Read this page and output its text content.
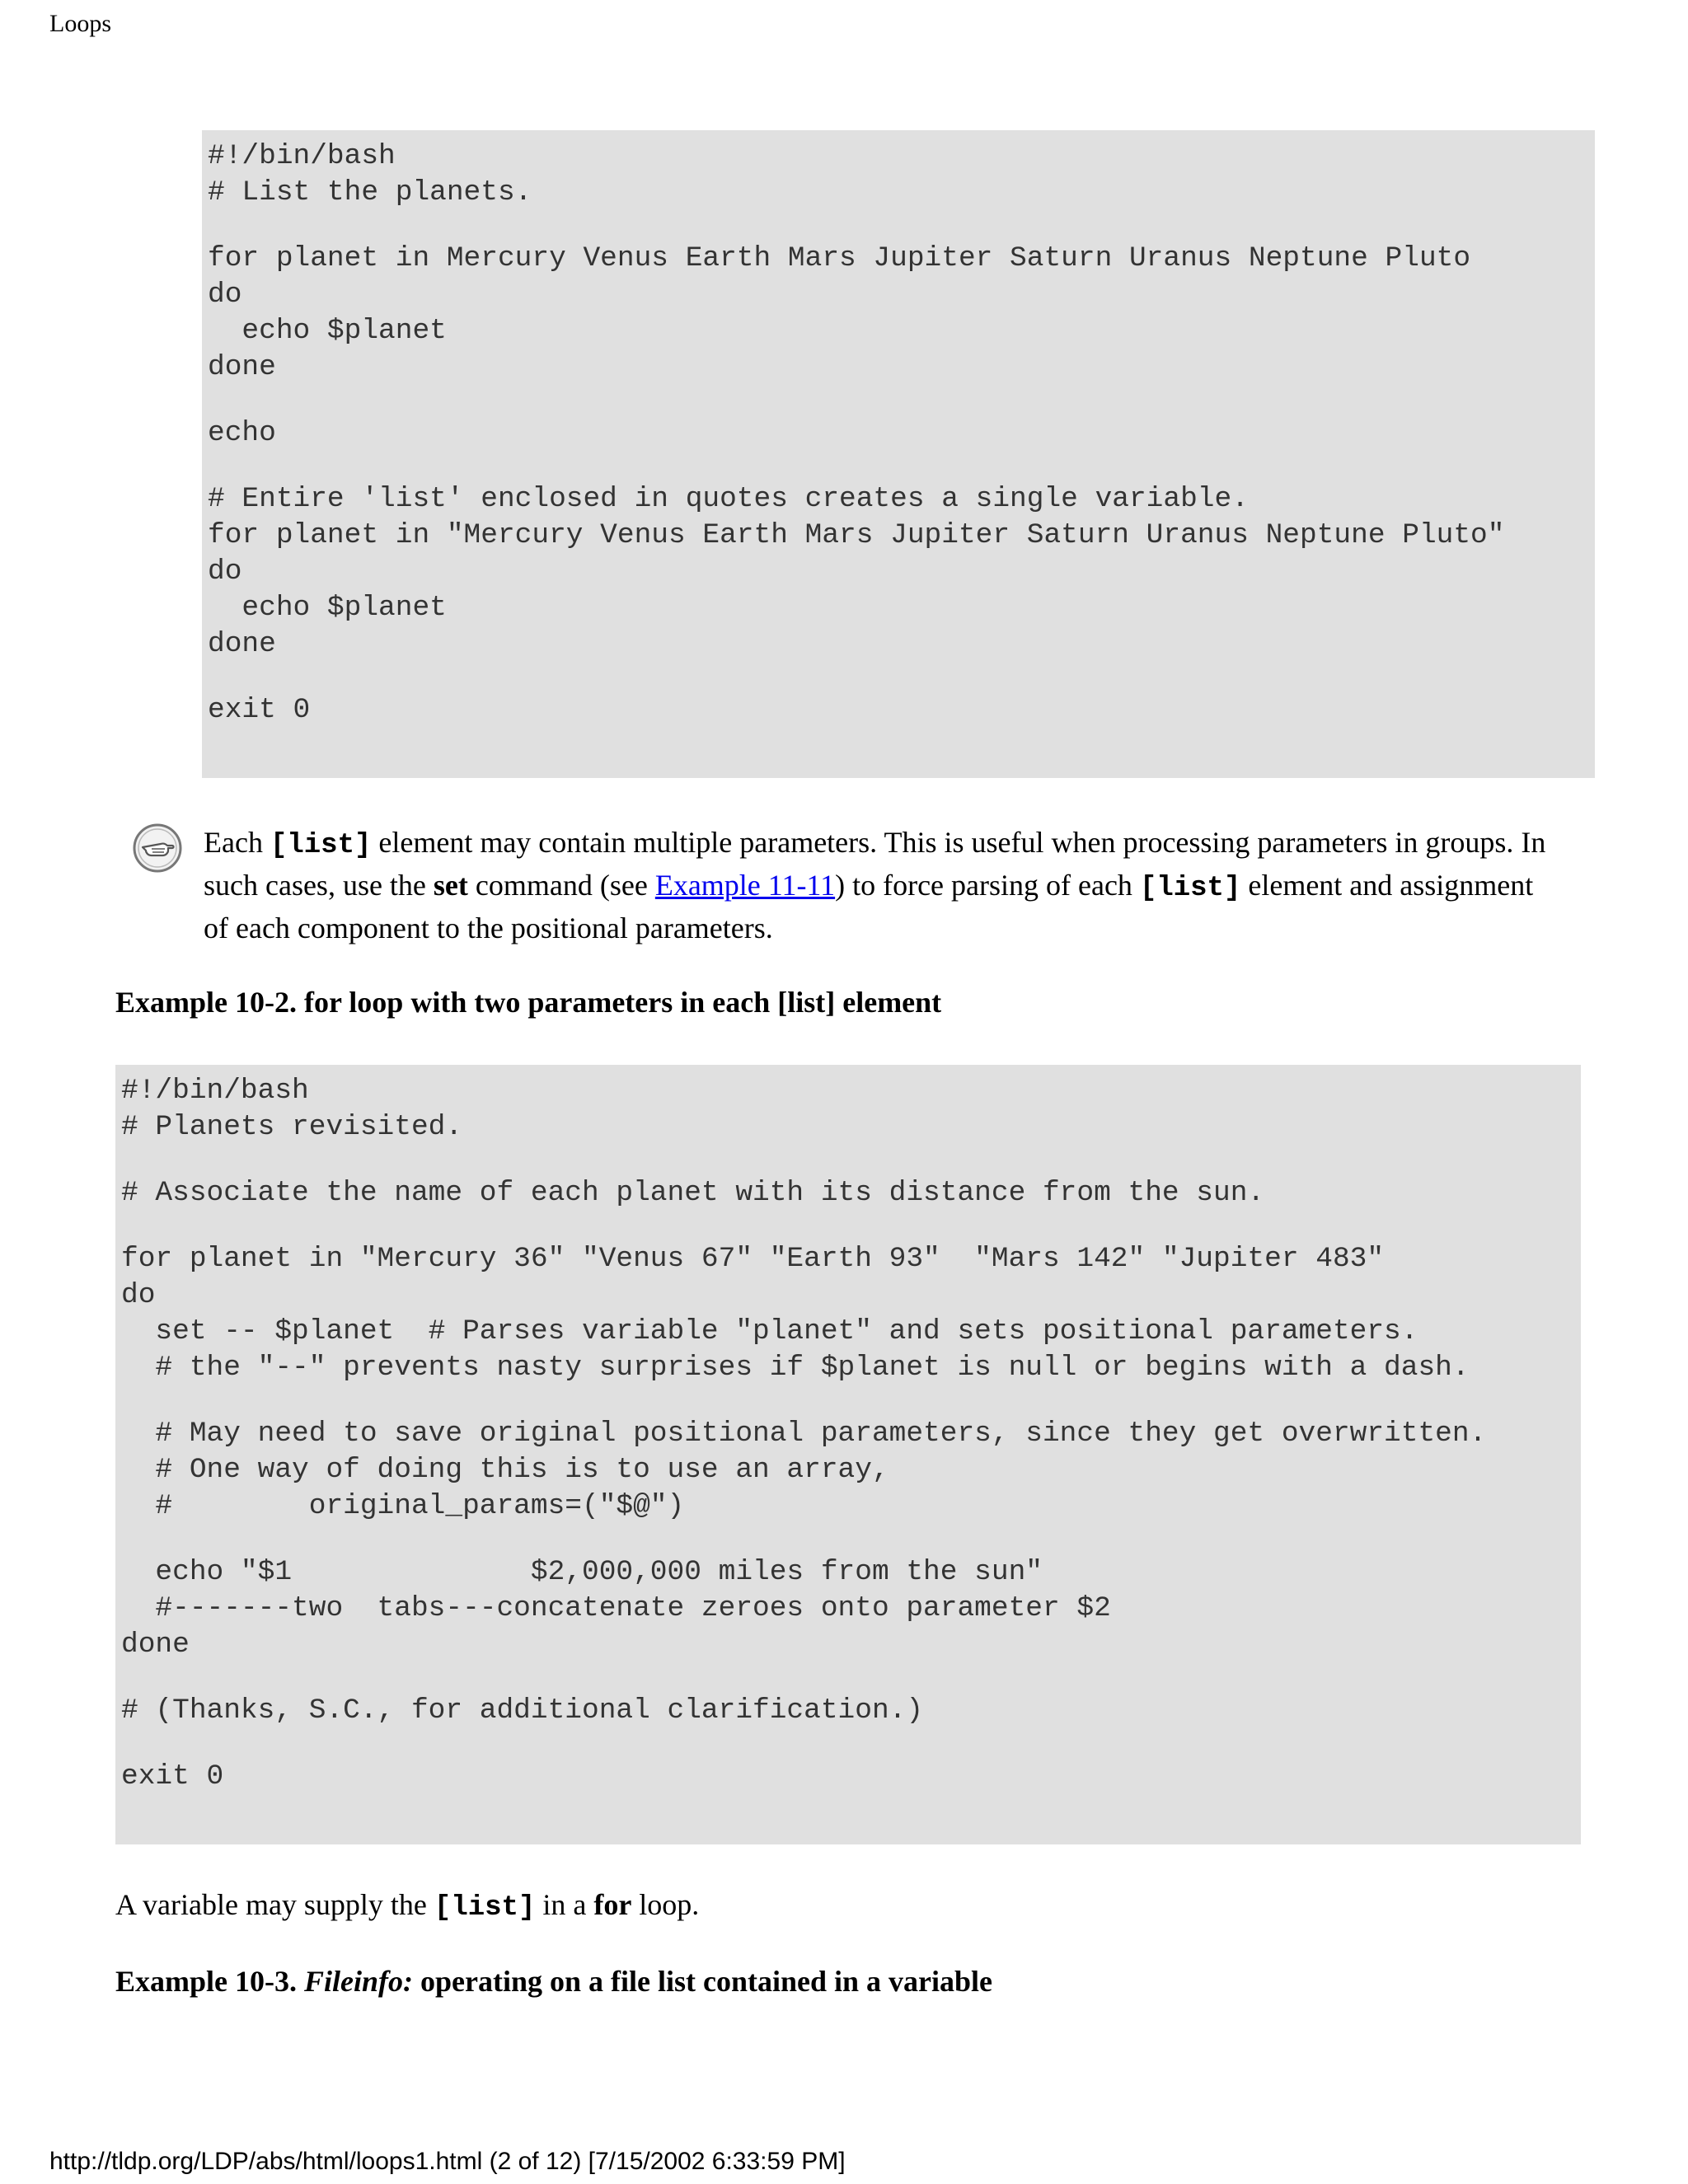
Loops
#!/bin/bash
# List the planets.
for planet in Mercury Venus Earth Mars Jupiter Saturn Uranus Neptune Pluto
do
echo $planet
done
echo
# Entire 'list' enclosed in quotes creates a single variable.
for planet in "Mercury Venus Earth Mars Jupiter Saturn Uranus Neptune Pluto"
do
echo $planet
done
exit 0
Each [list] element may contain multiple parameters. This is useful when processing parameters in groups. In such cases, use the set command (see Example 11-11) to force parsing of each [list] element and assignment of each component to the positional parameters.
Example 10-2. for loop with two parameters in each [list] element
#!/bin/bash
# Planets revisited.
# Associate the name of each planet with its distance from the sun.
for planet in "Mercury 36" "Venus 67" "Earth 93"  "Mars 142" "Jupiter 483"
do
set -- $planet  # Parses variable "planet" and sets positional parameters.
# the "--" prevents nasty surprises if $planet is null or begins with a dash.
# May need to save original positional parameters, since they get overwritten.
# One way of doing this is to use an array,
#        original_params=("$@")
echo "$1              $2,000,000 miles from the sun"
#-------two  tabs---concatenate zeroes onto parameter $2
done
# (Thanks, S.C., for additional clarification.)
exit 0
A variable may supply the [list] in a for loop.
Example 10-3. Fileinfo: operating on a file list contained in a variable
http://tldp.org/LDP/abs/html/loops1.html (2 of 12) [7/15/2002 6:33:59 PM]
